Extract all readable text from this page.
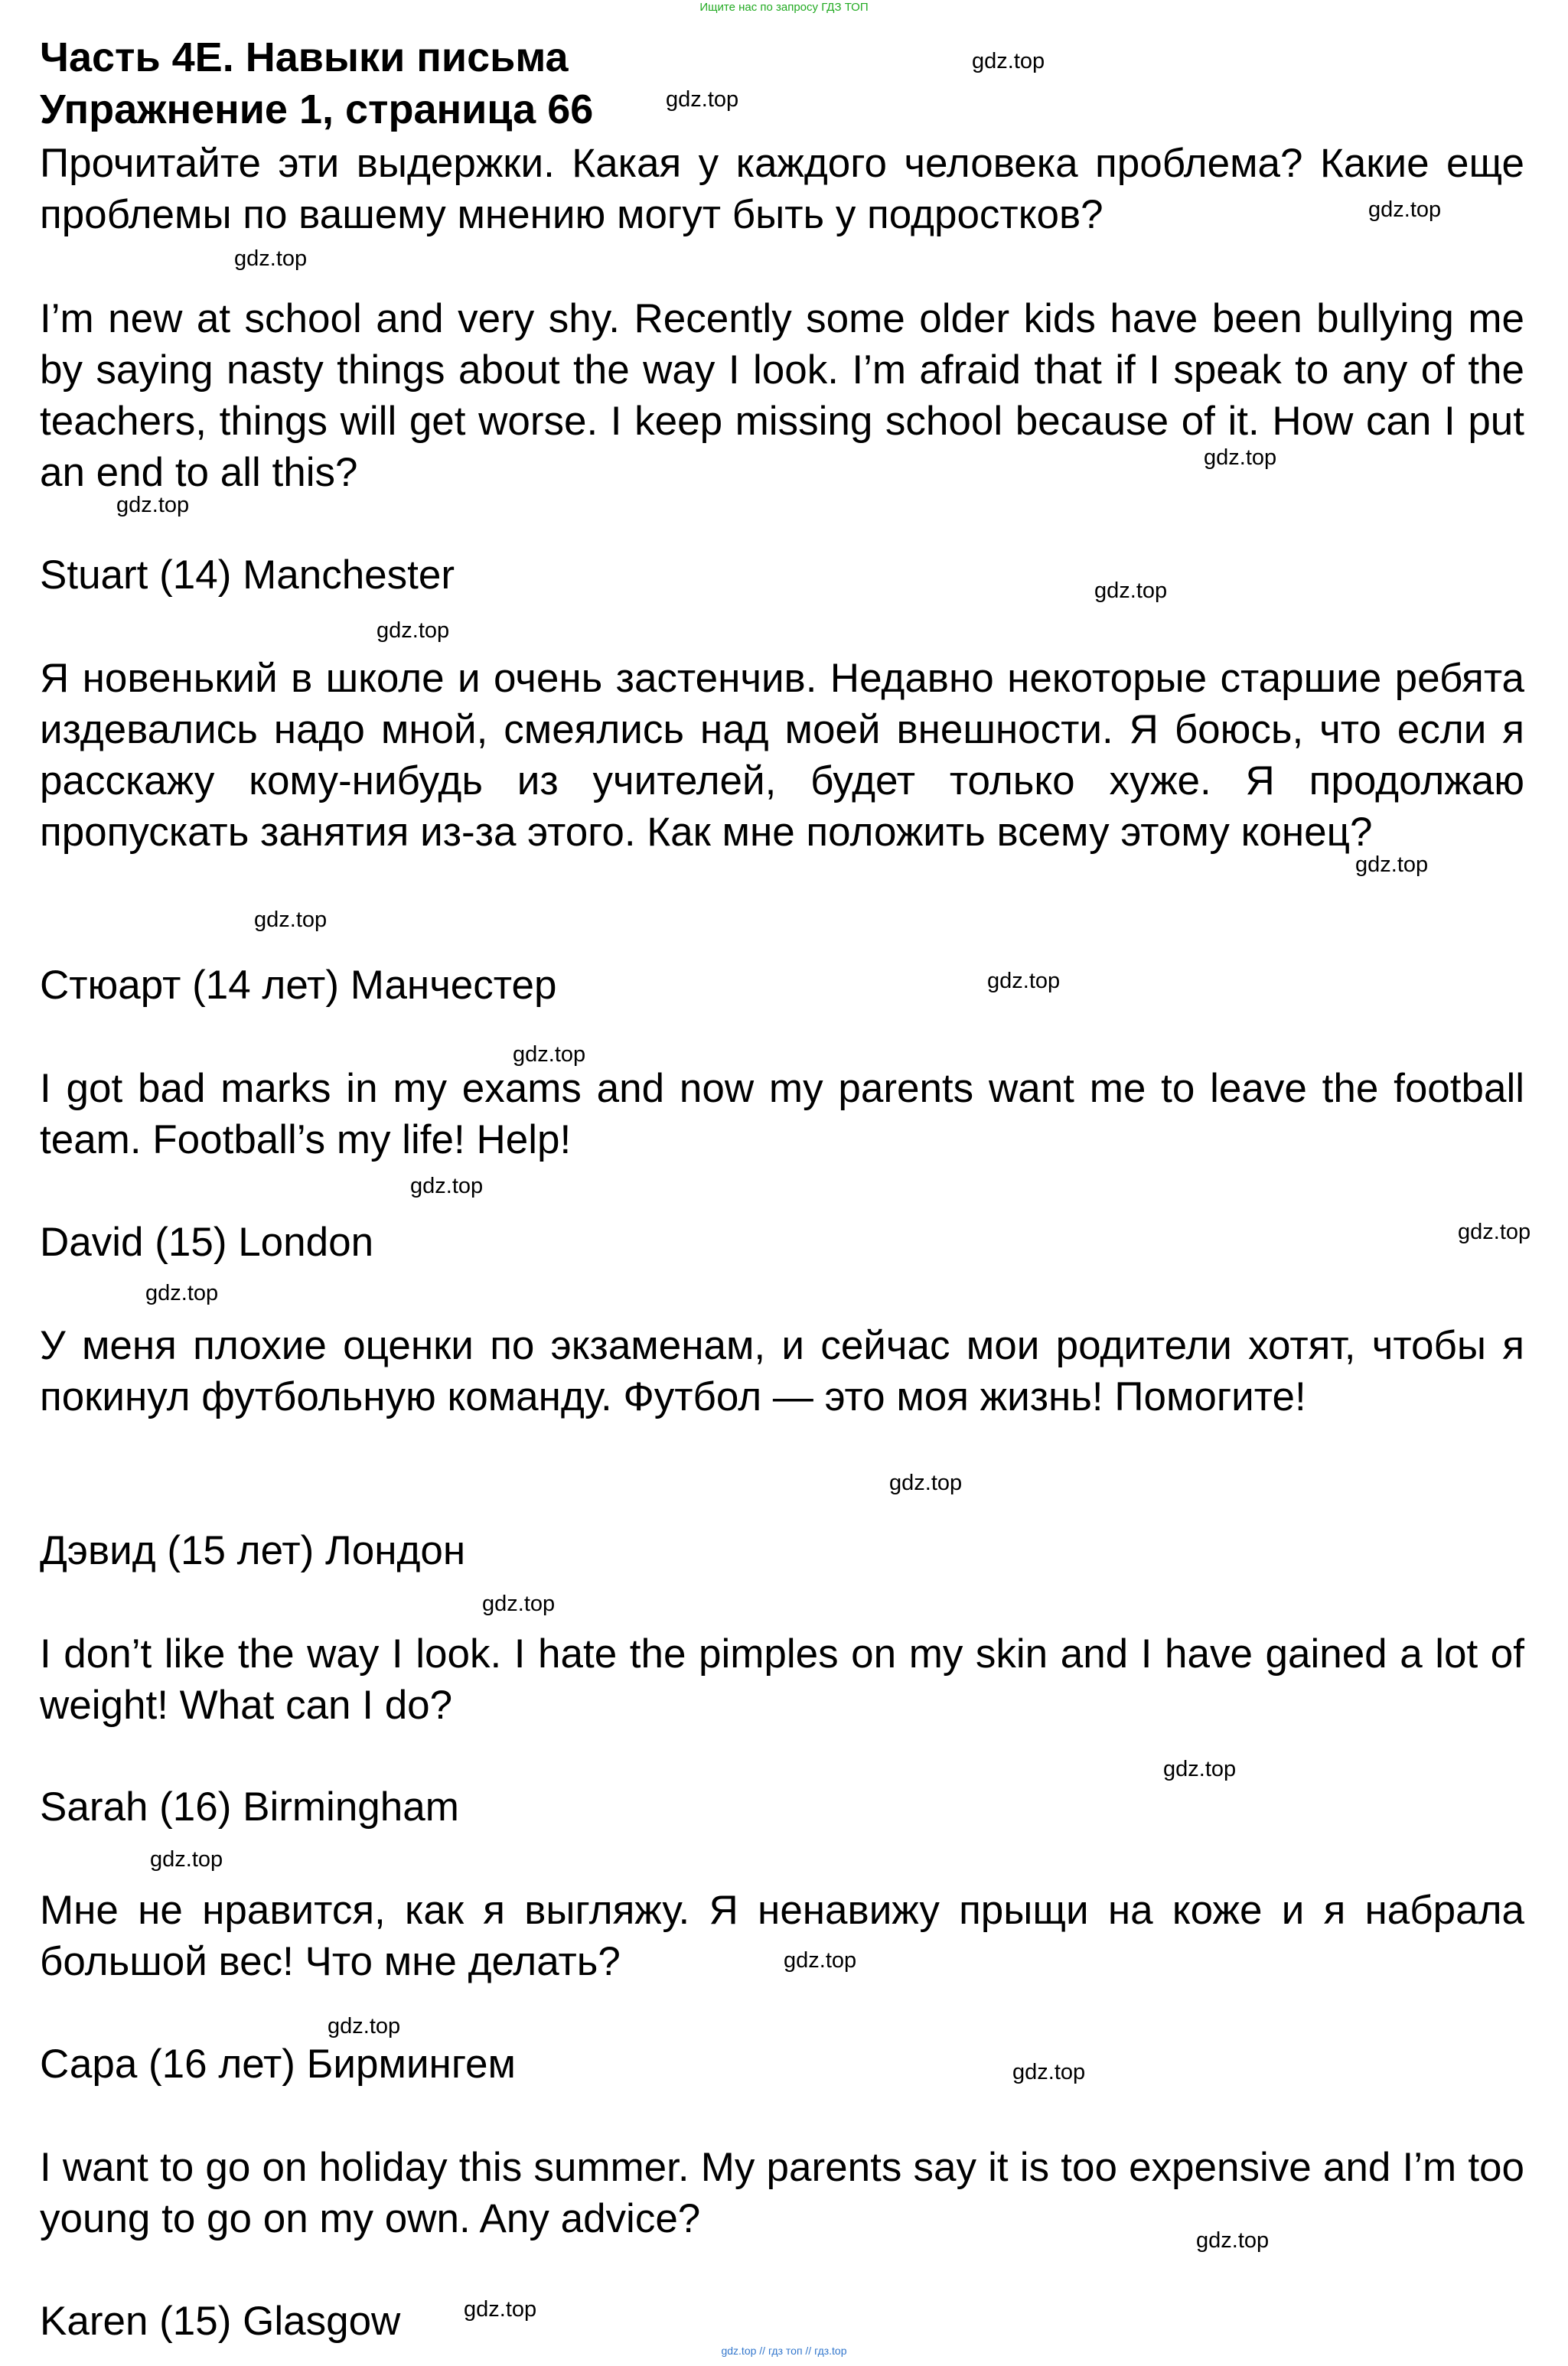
Ищите нас по запросу ГДЗ ТОП
gdz.top // гдз топ // гдз.top
Часть 4E. Навыки письма
Упражнение 1, страница 66
Прочитайте эти выдержки. Какая у каждого человека проблема? Какие еще проблемы по вашему мнению могут быть у подростков?
I’m new at school and very shy. Recently some older kids have been bullying me by saying nasty things about the way I look. I’m afraid that if I speak to any of the teachers, things will get worse. I keep missing school because of it. How can I put an end to all this?
Stuart (14) Manchester
Я новенький в школе и очень застенчив. Недавно некоторые старшие ребята издевались надо мной, смеялись над моей внешности. Я боюсь, что если я расскажу кому-нибудь из учителей, будет только хуже. Я продолжаю пропускать занятия из-за этого. Как мне положить всему этому конец?
Стюарт (14 лет) Манчестер
I got bad marks in my exams and now my parents want me to leave the football team. Football’s my life! Help!
David (15) London
У меня плохие оценки по экзаменам, и сейчас мои родители хотят, чтобы я покинул футбольную команду. Футбол — это моя жизнь! Помогите!
Дэвид (15 лет) Лондон
I don’t like the way I look. I hate the pimples on my skin and I have gained a lot of weight! What can I do?
Sarah (16) Birmingham
Мне не нравится, как я выгляжу. Я ненавижу прыщи на коже и я набрала большой вес! Что мне делать?
Сара (16 лет) Бирмингем
I want to go on holiday this summer. My parents say it is too expensive and I’m too young to go on my own. Any advice?
Karen (15) Glasgow
gdz.top
gdz.top
gdz.top
gdz.top
gdz.top
gdz.top
gdz.top
gdz.top
gdz.top
gdz.top
gdz.top
gdz.top
gdz.top
gdz.top
gdz.top
gdz.top
gdz.top
gdz.top
gdz.top
gdz.top
gdz.top
gdz.top
gdz.top
gdz.top
